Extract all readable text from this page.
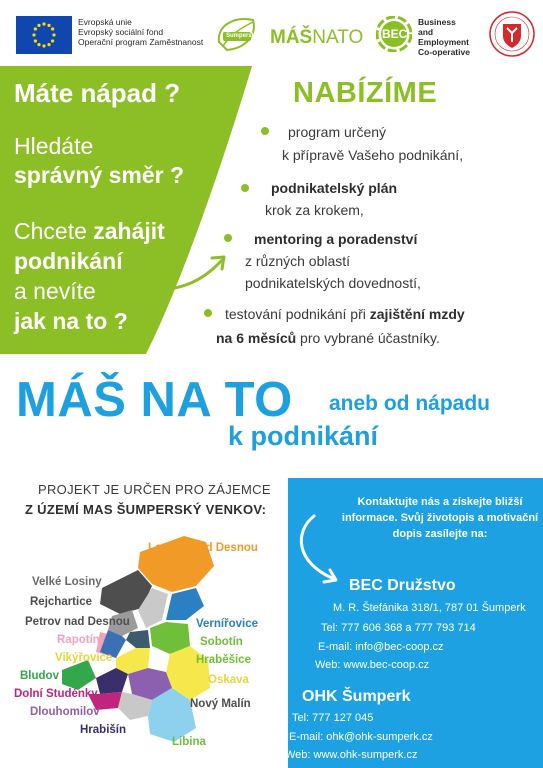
Evropská unie
Evropský sociální fond
Operační program Zaměstnanost
Šumperský MÁŠNATO BEC
Business
and
Employment
Co-operative
Máte nápad ?
Hledáte
správný směr ?
Chcete zahájit
podnikání
a nevíte
jak na to ?
NABÍZÍME
program určený
k přípravě Vašeho podnikání,
podnikatelský plán
krok za krokem,
mentoring a poradenství
z různých oblastí
podnikatelských dovedností,
testování podnikání při zajištění mzdy
na 6 měsíců pro vybrané účastníky.
MÁŠ NA TO aneb od nápadu
k podnikání
PROJEKT JE URČEN PRO ZÁJEMCE
Z ÚZEMÍ MAS ŠUMPERSKÝ VENKOV:
Loučná nad Desnou
Velké Losiny
Rejchartice
Petrov nad Desnou
Rapotín
Vikýřovice
Bludov
Dolní Studénky
Dlouhomilov
Hrabišín
Vernířovice
Sobotín
Hraběšice
Oskava
Nový Malín
Libina
Kontaktujte nás a získejte bližší informace. Svůj životopis a motivační dopis zasílejte na:
BEC Družstvo
M. R. Štefánika 318/1, 787 01 Šumperk
Tel: 777 606 368 a 777 793 714
E-mail: info@bec-coop.cz
Web: www.bec-coop.cz
OHK Šumperk
Tel: 777 127 045
E-mail: ohk@ohk-sumperk.cz
Web: www.ohk-sumperk.cz
